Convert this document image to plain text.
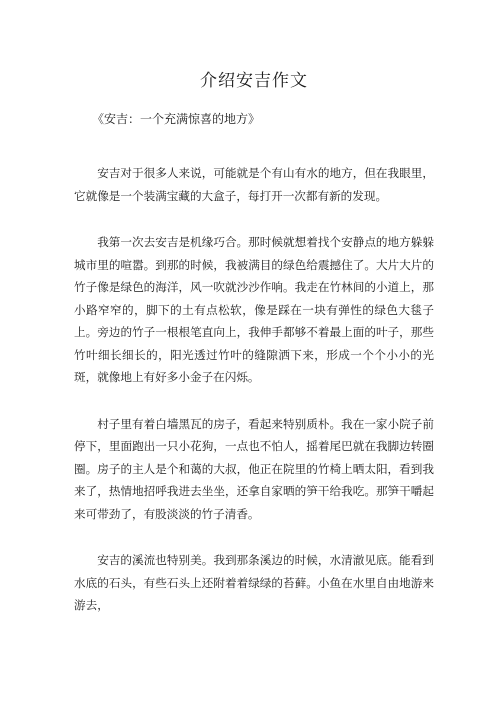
介绍安吉作文
《安吉：一个充满惊喜的地方》

安吉对于很多人来说，可能就是个有山有水的地方，但在我眼里，它就像是一个装满宝藏的大盒子，每打开一次都有新的发现。

我第一次去安吉是机缘巧合。那时候就想着找个安静点的地方躲躲城市里的喧嚣。到那的时候，我被满目的绿色给震撼住了。大片大片的竹子像是绿色的海洋，风一吹就沙沙作响。我走在竹林间的小道上，那小路窄窄的，脚下的土有点松软，像是踩在一块有弹性的绿色大毯子上。旁边的竹子一根根笔直向上，我伸手都够不着最上面的叶子，那些竹叶细长细长的，阳光透过竹叶的缝隙洒下来，形成一个个小小的光斑，就像地上有好多小金子在闪烁。

村子里有着白墙黑瓦的房子，看起来特别质朴。我在一家小院子前停下，里面跑出一只小花狗，一点也不怕人，摇着尾巴就在我脚边转圈圈。房子的主人是个和蔼的大叔，他正在院里的竹椅上晒太阳，看到我来了，热情地招呼我进去坐坐，还拿自家晒的笋干给我吃。那笋干嚼起来可带劲了，有股淡淡的竹子清香。

安吉的溪流也特别美。我到那条溪边的时候，水清澈见底。能看到水底的石头，有些石头上还附着着绿绿的苔藓。小鱼在水里自由地游来游去，
